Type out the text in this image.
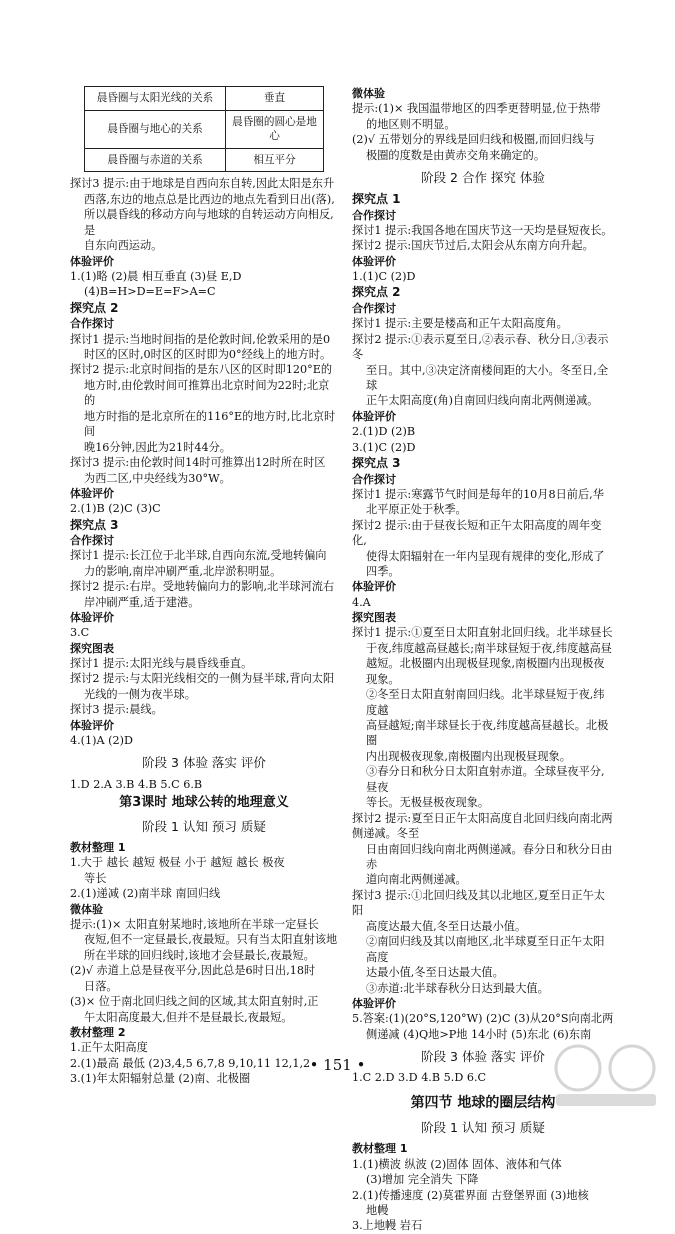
晨昏圈与太阳光线的关系	垂直
晨昏圈与地心的关系	晨昏圈的圆心是地心
晨昏圈与赤道的关系	相互平分

探讨3 提示:由于地球是自西向东自转,因此太阳是东升

西落,东边的地点总是比西边的地点先看到日出(落),

所以晨昏线的移动方向与地球的自转运动方向相反,是

自东向西运动。

体验评价

1.(1)略 (2)晨 相互垂直 (3)昼 E,D

(4)B=H>D=E=F>A=C

探究点 2

合作探讨

探讨1 提示:当地时间指的是伦敦时间,伦敦采用的是0

时区的区时,0时区的区时即为0°经线上的地方时。

探讨2 提示:北京时间指的是东八区的区时即120°E的

地方时,由伦敦时间可推算出北京时间为22时;北京的

地方时指的是北京所在的116°E的地方时,比北京时间

晚16分钟,因此为21时44分。

探讨3 提示:由伦敦时间14时可推算出12时所在时区

为西二区,中央经线为30°W。

体验评价

2.(1)B (2)C (3)C

探究点 3

合作探讨

探讨1 提示:长江位于北半球,自西向东流,受地转偏向

力的影响,南岸冲刷严重,北岸淤积明显。

探讨2 提示:右岸。受地转偏向力的影响,北半球河流右

岸冲刷严重,适于建港。

体验评价

3.C

探究图表

探讨1 提示:太阳光线与晨昏线垂直。

探讨2 提示:与太阳光线相交的一侧为昼半球,背向太阳

光线的一侧为夜半球。

探讨3 提示:晨线。

体验评价

4.(1)A (2)D

阶段 3 体验 落实 评价

1.D 2.A 3.B 4.B 5.C 6.B

第3课时 地球公转的地理意义
阶段 1 认知 预习 质疑

教材整理 1

1.大于 越长 越短 极昼 小于 越短 越长 极夜

等长

2.(1)递减 (2)南半球 南回归线

微体验

提示:(1)× 太阳直射某地时,该地所在半球一定昼长

夜短,但不一定昼最长,夜最短。只有当太阳直射该地

所在半球的回归线时,该地才会昼最长,夜最短。

(2)√ 赤道上总是昼夜平分,因此总是6时日出,18时

日落。

(3)× 位于南北回归线之间的区域,其太阳直射时,正

午太阳高度最大,但并不是昼最长,夜最短。

教材整理 2

1.正午太阳高度

2.(1)最高 最低 (2)3,4,5 6,7,8 9,10,11 12,1,2

3.(1)年太阳辐射总量 (2)南、北极圈

微体验

提示:(1)× 我国温带地区的四季更替明显,位于热带

的地区则不明显。

(2)√ 五带划分的界线是回归线和极圈,而回归线与

极圈的度数是由黄赤交角来确定的。

阶段 2 合作 探究 体验

探究点 1

合作探讨

探讨1 提示:我国各地在国庆节这一天均是昼短夜长。

探讨2 提示:国庆节过后,太阳会从东南方向升起。

体验评价

1.(1)C (2)D

探究点 2

合作探讨

探讨1 提示:主要是楼高和正午太阳高度角。

探讨2 提示:①表示夏至日,②表示春、秋分日,③表示冬

至日。其中,③决定济南楼间距的大小。冬至日,全球

正午太阳高度(角)自南回归线向南北两侧递减。

体验评价

2.(1)D (2)B

3.(1)C (2)D

探究点 3

合作探讨

探讨1 提示:寒露节气时间是每年的10月8日前后,华

北平原正处于秋季。

探讨2 提示:由于昼夜长短和正午太阳高度的周年变化,

使得太阳辐射在一年内呈现有规律的变化,形成了

四季。

体验评价

4.A

探究图表

探讨1 提示:①夏至日太阳直射北回归线。北半球昼长

于夜,纬度越高昼越长;南半球昼短于夜,纬度越高昼

越短。北极圈内出现极昼现象,南极圈内出现极夜现象。

②冬至日太阳直射南回归线。北半球昼短于夜,纬度越

高昼越短;南半球昼长于夜,纬度越高昼越长。北极圈

内出现极夜现象,南极圈内出现极昼现象。

③春分日和秋分日太阳直射赤道。全球昼夜平分,昼夜

等长。无极昼极夜现象。

探讨2 提示:夏至日正午太阳高度自北回归线向南北两侧递减。冬至

日由南回归线向南北两侧递减。春分日和秋分日由赤

道向南北两侧递减。

探讨3 提示:①北回归线及其以北地区,夏至日正午太阳

高度达最大值,冬至日达最小值。

②南回归线及其以南地区,北半球夏至日正午太阳高度

达最小值,冬至日达最大值。

③赤道:北半球春秋分日达到最大值。

体验评价

5.答案:(1)(20°S,120°W) (2)C (3)从20°S向南北两

侧递减 (4)Q地>P地 14小时 (5)东北 (6)东南

阶段 3 体验 落实 评价

1.C 2.D 3.D 4.B 5.D 6.C

第四节 地球的圈层结构
阶段 1 认知 预习 质疑

教材整理 1

1.(1)横波 纵波 (2)固体 固体、液体和气体

(3)增加 完全消失 下降

2.(1)传播速度 (2)莫霍界面 古登堡界面 (3)地核

地幔

3.上地幔 岩石

• 151 •
